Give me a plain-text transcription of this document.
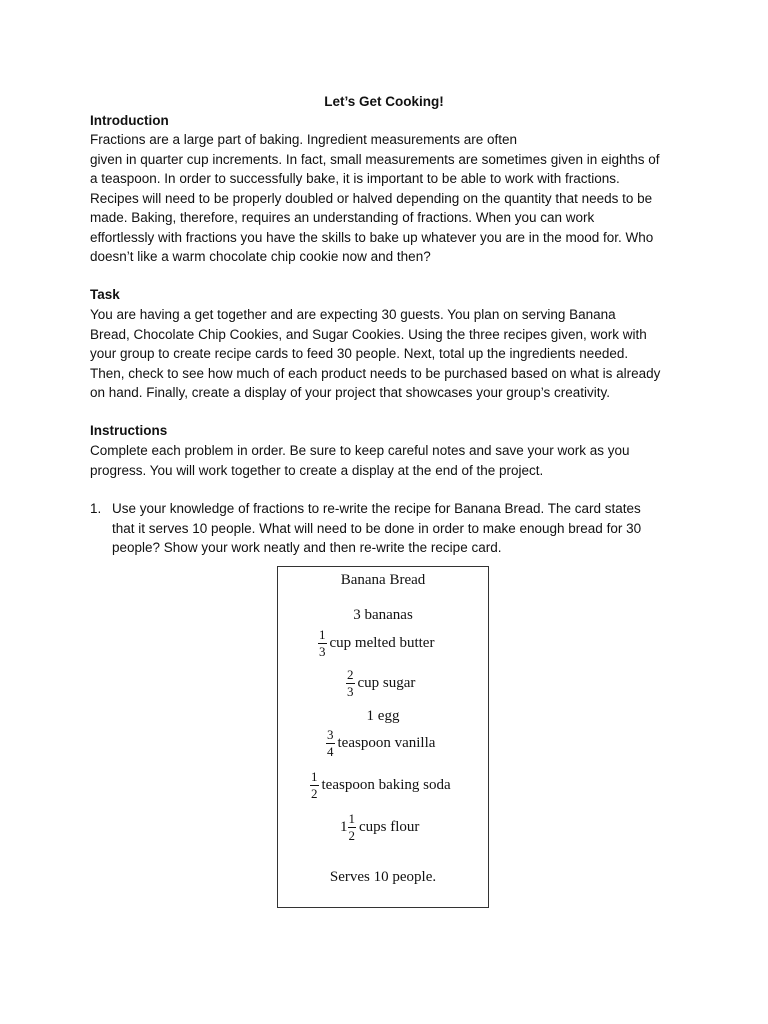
Let’s Get Cooking!
Introduction
Fractions are a large part of baking. Ingredient measurements are often
given in quarter cup increments. In fact, small measurements are sometimes given in eighths of
a teaspoon. In order to successfully bake, it is important to be able to work with fractions.
Recipes will need to be properly doubled or halved depending on the quantity that needs to be
made. Baking, therefore, requires an understanding of fractions. When you can work
effortlessly with fractions you have the skills to bake up whatever you are in the mood for. Who
doesn’t like a warm chocolate chip cookie now and then?
Task
You are having a get together and are expecting 30 guests. You plan on serving Banana
Bread, Chocolate Chip Cookies, and Sugar Cookies. Using the three recipes given, work with
your group to create recipe cards to feed 30 people. Next, total up the ingredients needed.
Then, check to see how much of each product needs to be purchased based on what is already
on hand. Finally, create a display of your project that showcases your group’s creativity.
Instructions
Complete each problem in order. Be sure to keep careful notes and save your work as you
progress. You will work together to create a display at the end of the project.
1. Use your knowledge of fractions to re-write the recipe for Banana Bread. The card states
that it serves 10 people. What will need to be done in order to make enough bread for 30
people? Show your work neatly and then re-write the recipe card.
Banana Bread
3 bananas
$\frac{1}{3}$ cup melted butter
$\frac{2}{3}$ cup sugar
1 egg
$\frac{3}{4}$ teaspoon vanilla
$\frac{1}{2}$ teaspoon baking soda
$1 \frac{1}{2}$ cups flour
Serves 10 people.
